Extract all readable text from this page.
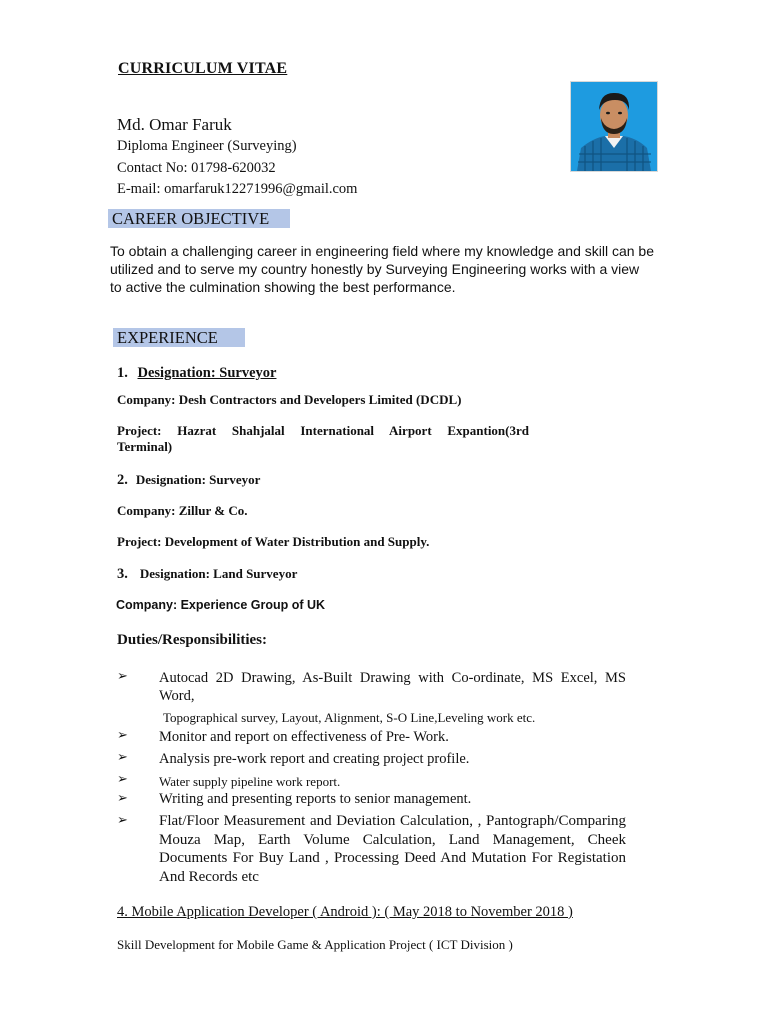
CURRICULUM VITAE
Md. Omar Faruk
Diploma Engineer (Surveying)
Contact No: 01798-620032
E-mail: omarfaruk12271996@gmail.com
CAREER OBJECTIVE
To obtain a challenging career in engineering field where my knowledge and skill can be
utilized and to serve my country honestly by Surveying Engineering works with a view
to active the culmination showing the best performance.
EXPERIENCE
1. Designation: Surveyor
Company: Desh Contractors and Developers Limited (DCDL)
Project: Hazrat Shahjalal International Airport Expantion(3rd
Terminal)
2. Designation: Surveyor
Company: Zillur & Co.
Project: Development of Water Distribution and Supply.
3. Designation: Land Surveyor
Company: Experience Group of UK
Duties/Responsibilities:
➢ Autocad 2D Drawing, As-Built Drawing with Co-ordinate, MS Excel, MS
Word,
Topographical survey, Layout, Alignment, S-O Line,Leveling work etc.
➢ Monitor and report on effectiveness of Pre- Work.
➢ Analysis pre-work report and creating project profile.
➢ Water supply pipeline work report.
➢ Writing and presenting reports to senior management.
➢ Flat/Floor Measurement and Deviation Calculation, , Pantograph/Comparing
Mouza Map, Earth Volume Calculation, Land Management, Cheek
Documents For Buy Land , Processing Deed And Mutation For Registation
And Records etc
4. Mobile Application Developer ( Android ): ( May 2018 to November 2018 )
Skill Development for Mobile Game & Application Project ( ICT Division )
